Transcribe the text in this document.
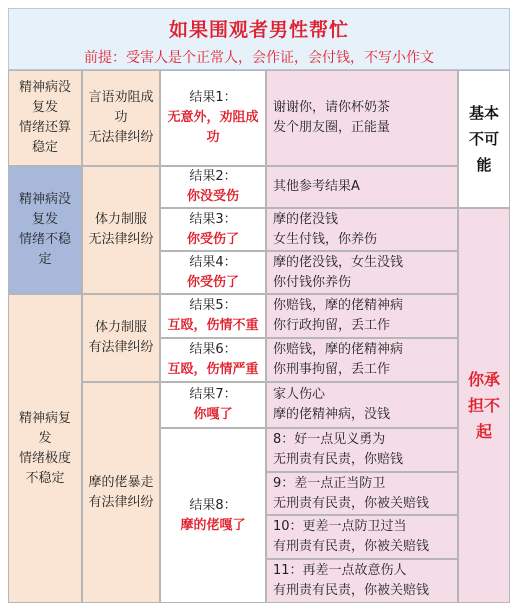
如果围观者男性帮忙
前提：受害人是个正常人，会作证，会付钱，不写小作文
精神病没
复发
情绪还算
稳定
精神病没
复发
情绪不稳
定
精神病复
发
情绪极度
不稳定
言语劝阻成
功
无法律纠纷
体力制服
无法律纠纷
体力制服
有法律纠纷
摩的佬暴走
有法律纠纷
结果1：
无意外，劝阻成
功
结果2：
你没受伤
结果3：
你受伤了
结果4：
你受伤了
结果5：
互殴，伤情不重
结果6：
互殴，伤情严重
结果7：
你嘎了
结果8：
摩的佬嘎了
谢谢你，请你杯奶茶
发个朋友圈，正能量
其他参考结果A
摩的佬没钱
女生付钱，你养伤
摩的佬没钱，女生没钱
你付钱你养伤
你赔钱，摩的佬精神病
你行政拘留，丢工作
你赔钱，摩的佬精神病
你刑事拘留，丢工作
家人伤心
摩的佬精神病，没钱
8：好一点见义勇为
无刑责有民责，你赔钱
9：差一点正当防卫
无刑责有民责，你被关赔钱
10：更差一点防卫过当
有刑责有民责，你被关赔钱
11：再差一点故意伤人
有刑责有民责，你被关赔钱
基本
不可
能
你承
担不
起
